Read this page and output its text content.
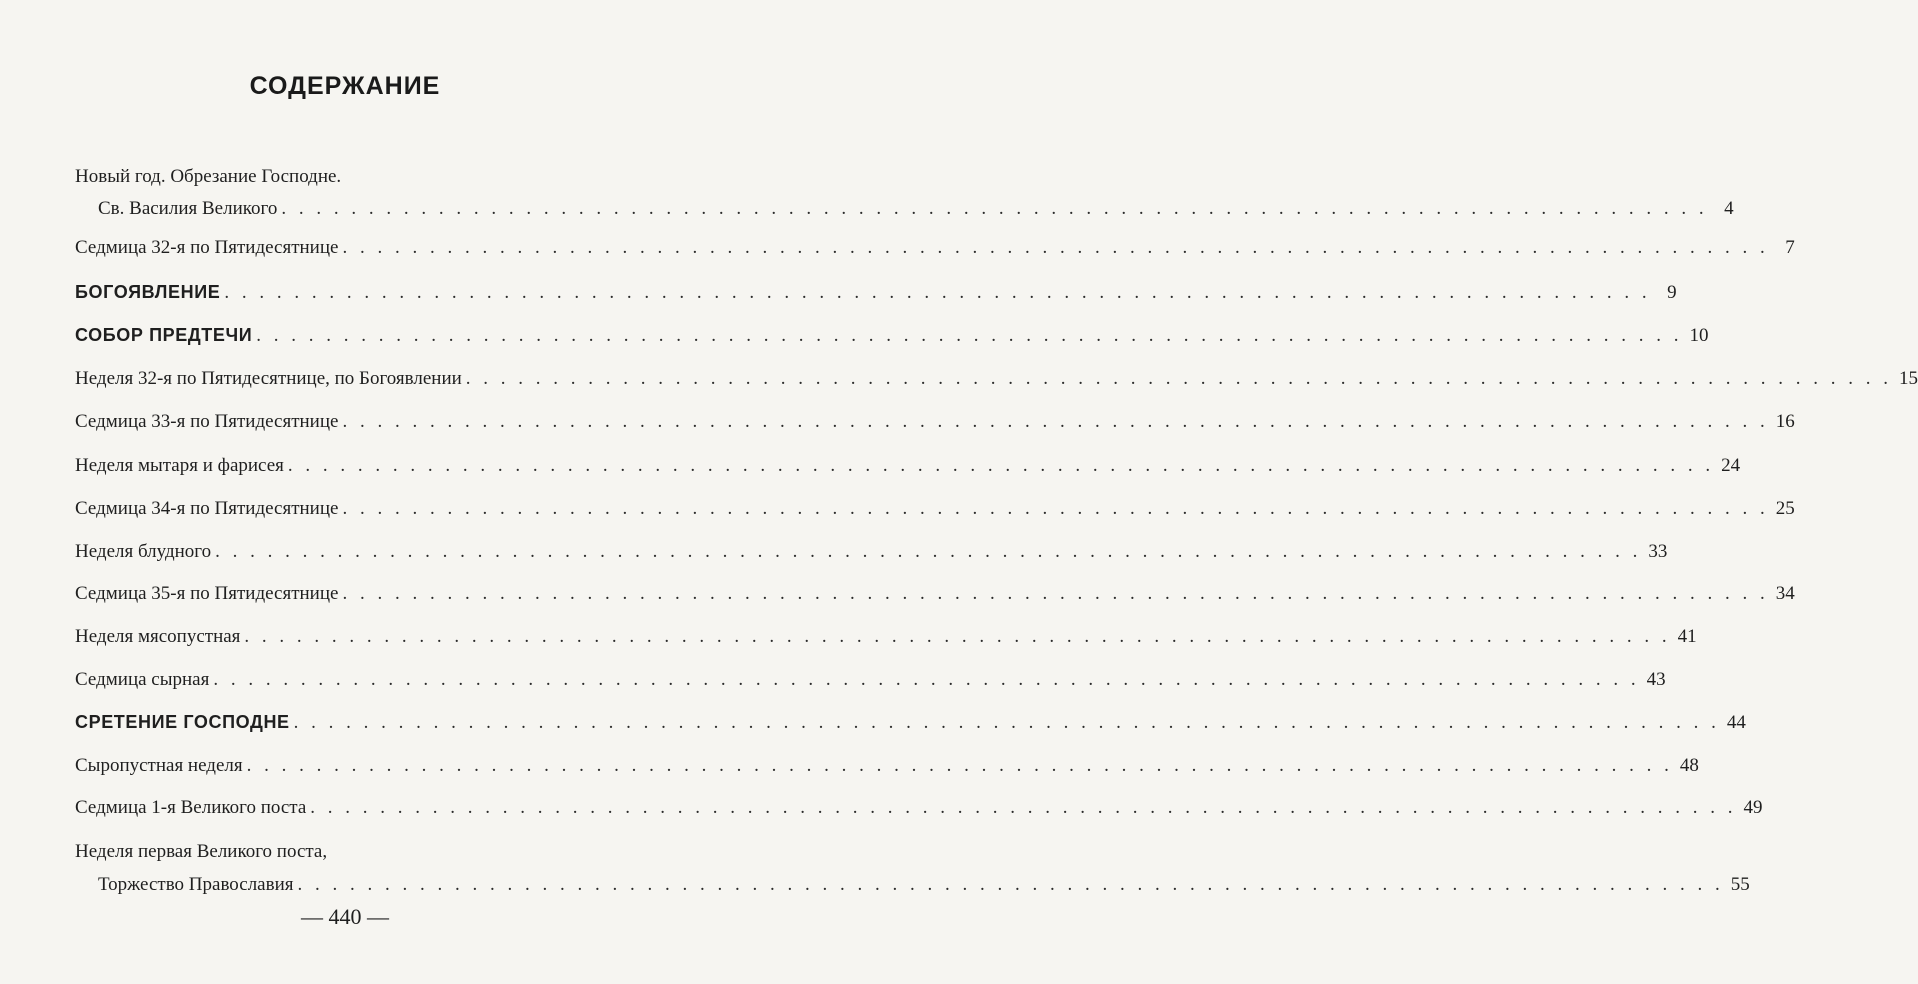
СОДЕРЖАНИЕ
Новый год. Обрезание Господне.
Св. Василия Великого . . . . . . . . . . . . . . . . . . . . . . . . . . . . . . . . . . . . . . . . . . . . . . . . . . . . . . . . . . . . . . . . . . . . . . . . . . . . . . . . . . 4
Седмица 32-я по Пятидесятнице . . . . . . . . . . . . . . . . . . . . . . . . . . . . . . . . . . . . . . . . . . . . . . . . . . . . . . . . . . . . . . . . . . . . . . . . . . . . . . . . . . 7
БОГОЯВЛЕНИЕ . . . . . . . . . . . . . . . . . . . . . . . . . . . . . . . . . . . . . . . . . . . . . . . . . . . . . . . . . . . . . . . . . . . . . . . . . . . . . . . . . . 9
СОБОР ПРЕДТЕЧИ . . . . . . . . . . . . . . . . . . . . . . . . . . . . . . . . . . . . . . . . . . . . . . . . . . . . . . . . . . . . . . . . . . . . . . . . . . . . . . . . . . 10
Неделя 32-я по Пятидесятнице, по Богоявлении . . . . . . . . . . . . . . . . . . . . . . . . . . . . . . . . . . . . . . . . . . . . . . . . . . . . . . . . . . . . . . . . . . . . . . . . . . . . . . . . . . 15
Седмица 33-я по Пятидесятнице . . . . . . . . . . . . . . . . . . . . . . . . . . . . . . . . . . . . . . . . . . . . . . . . . . . . . . . . . . . . . . . . . . . . . . . . . . . . . . . . . . 16
Неделя мытаря и фарисея . . . . . . . . . . . . . . . . . . . . . . . . . . . . . . . . . . . . . . . . . . . . . . . . . . . . . . . . . . . . . . . . . . . . . . . . . . . . . . . . . . 24
Седмица 34-я по Пятидесятнице . . . . . . . . . . . . . . . . . . . . . . . . . . . . . . . . . . . . . . . . . . . . . . . . . . . . . . . . . . . . . . . . . . . . . . . . . . . . . . . . . . 25
Неделя блудного . . . . . . . . . . . . . . . . . . . . . . . . . . . . . . . . . . . . . . . . . . . . . . . . . . . . . . . . . . . . . . . . . . . . . . . . . . . . . . . . . . 33
Седмица 35-я по Пятидесятнице . . . . . . . . . . . . . . . . . . . . . . . . . . . . . . . . . . . . . . . . . . . . . . . . . . . . . . . . . . . . . . . . . . . . . . . . . . . . . . . . . . 34
Неделя мясопустная . . . . . . . . . . . . . . . . . . . . . . . . . . . . . . . . . . . . . . . . . . . . . . . . . . . . . . . . . . . . . . . . . . . . . . . . . . . . . . . . . . 41
Седмица сырная . . . . . . . . . . . . . . . . . . . . . . . . . . . . . . . . . . . . . . . . . . . . . . . . . . . . . . . . . . . . . . . . . . . . . . . . . . . . . . . . . . 43
СРЕТЕНИЕ ГОСПОДНЕ . . . . . . . . . . . . . . . . . . . . . . . . . . . . . . . . . . . . . . . . . . . . . . . . . . . . . . . . . . . . . . . . . . . . . . . . . . . . . . . . . . 44
Сыропустная неделя . . . . . . . . . . . . . . . . . . . . . . . . . . . . . . . . . . . . . . . . . . . . . . . . . . . . . . . . . . . . . . . . . . . . . . . . . . . . . . . . . . 48
Седмица 1-я Великого поста . . . . . . . . . . . . . . . . . . . . . . . . . . . . . . . . . . . . . . . . . . . . . . . . . . . . . . . . . . . . . . . . . . . . . . . . . . . . . . . . . . 49
Неделя первая Великого поста,
Торжество Православия . . . . . . . . . . . . . . . . . . . . . . . . . . . . . . . . . . . . . . . . . . . . . . . . . . . . . . . . . . . . . . . . . . . . . . . . . . . . . . . . . . 55
— 440 —
